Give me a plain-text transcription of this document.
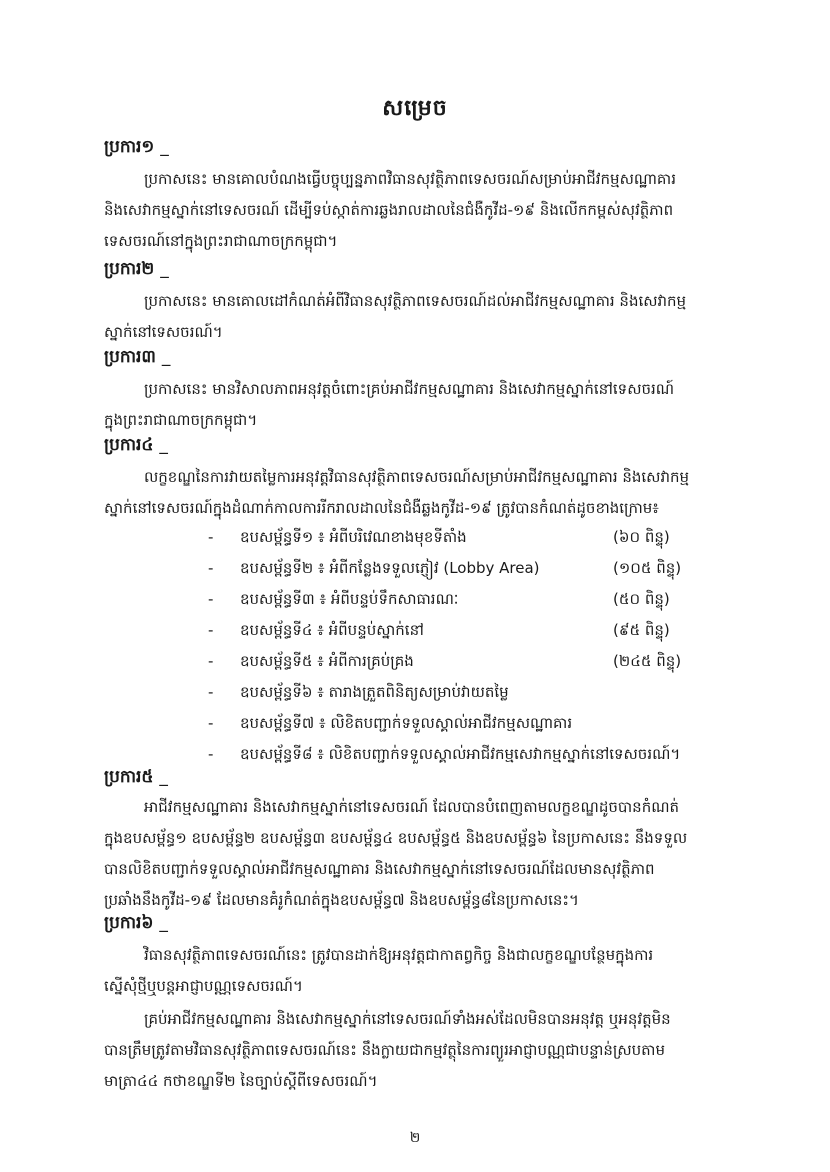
សម្រេច
ប្រការ១ _
ប្រកាសនេះ មានគោលបំណងធ្វើបច្ចុប្បន្នភាពវិធានសុវត្ថិភាពទេសចរណ៍សម្រាប់អាជីវកម្មសណ្ឋាគារ
និងសេវាកម្មស្នាក់នៅទេសចរណ៍ ដើម្បីទប់ស្កាត់ការឆ្លងរាលដាលនៃជំងឺកូវីដ-១៩ និងលើកកម្ពស់សុវត្ថិភាព
ទេសចរណ៍នៅក្នុងព្រះរាជាណាចក្រកម្ពុជា។
ប្រការ២ _
ប្រកាសនេះ មានគោលដៅកំណត់អំពីវិធានសុវត្ថិភាពទេសចរណ៍ដល់អាជីវកម្មសណ្ឋាគារ និងសេវាកម្ម
ស្នាក់នៅទេសចរណ៍។
ប្រការ៣ _
ប្រកាសនេះ មានវិសាលភាពអនុវត្តចំពោះគ្រប់អាជីវកម្មសណ្ឋាគារ និងសេវាកម្មស្នាក់នៅទេសចរណ៍
ក្នុងព្រះរាជាណាចក្រកម្ពុជា។
ប្រការ៤ _
លក្ខខណ្ឌនៃការវាយតម្លៃការអនុវត្តវិធានសុវត្ថិភាពទេសចរណ៍សម្រាប់អាជីវកម្មសណ្ឋាគារ និងសេវាកម្ម
ស្នាក់នៅទេសចរណ៍ក្នុងដំណាក់កាលការរីករាលដាលនៃជំងឺឆ្លងកូវីដ-១៩ ត្រូវបានកំណត់ដូចខាងក្រោម៖
- ឧបសម្ព័ន្ធទី១ ៖ អំពីបរិវេណខាងមុខទីតាំង	(៦០ ពិន្ទុ)
- ឧបសម្ព័ន្ធទី២ ៖ អំពីកន្លែងទទួលភ្ញៀវ (Lobby Area)	(១០៥ ពិន្ទុ)
- ឧបសម្ព័ន្ធទី៣ ៖ អំពីបន្ទប់ទឹកសាធារណៈ	(៥០ ពិន្ទុ)
- ឧបសម្ព័ន្ធទី៤ ៖ អំពីបន្ទប់ស្នាក់នៅ	(៩៥ ពិន្ទុ)
- ឧបសម្ព័ន្ធទី៥ ៖ អំពីការគ្រប់គ្រង	(២៤៥ ពិន្ទុ)
- ឧបសម្ព័ន្ធទី៦ ៖ តារាងត្រួតពិនិត្យសម្រាប់វាយតម្លៃ
- ឧបសម្ព័ន្ធទី៧ ៖ លិខិតបញ្ជាក់ទទួលស្គាល់អាជីវកម្មសណ្ឋាគារ
- ឧបសម្ព័ន្ធទី៨ ៖ លិខិតបញ្ជាក់ទទួលស្គាល់អាជីវកម្មសេវាកម្មស្នាក់នៅទេសចរណ៍។
ប្រការ៥ _
អាជីវកម្មសណ្ឋាគារ និងសេវាកម្មស្នាក់នៅទេសចរណ៍ ដែលបានបំពេញតាមលក្ខខណ្ឌដូចបានកំណត់
ក្នុងឧបសម្ព័ន្ធ១ ឧបសម្ព័ន្ធ២ ឧបសម្ព័ន្ធ៣ ឧបសម្ព័ន្ធ៤ ឧបសម្ព័ន្ធ៥ និងឧបសម្ព័ន្ធ៦ នៃប្រកាសនេះ នឹងទទួល
បានលិខិតបញ្ជាក់ទទួលស្គាល់អាជីវកម្មសណ្ឋាគារ និងសេវាកម្មស្នាក់នៅទេសចរណ៍ដែលមានសុវត្ថិភាព
ប្រឆាំងនឹងកូវីដ-១៩ ដែលមានគំរូកំណត់ក្នុងឧបសម្ព័ន្ធ៧ និងឧបសម្ព័ន្ធ៨នៃប្រកាសនេះ។
ប្រការ៦ _
វិធានសុវត្ថិភាពទេសចរណ៍នេះ ត្រូវបានដាក់ឱ្យអនុវត្តជាកាតព្វកិច្ច និងជាលក្ខខណ្ឌបន្ថែមក្នុងការ
ស្នើសុំថ្មីឬបន្តអាជ្ញាបណ្ណទេសចរណ៍។
គ្រប់អាជីវកម្មសណ្ឋាគារ និងសេវាកម្មស្នាក់នៅទេសចរណ៍ទាំងអស់ដែលមិនបានអនុវត្ត ឬអនុវត្តមិន
បានត្រឹមត្រូវតាមវិធានសុវត្ថិភាពទេសចរណ៍នេះ នឹងក្លាយជាកម្មវត្ថុនៃការព្យួរអាជ្ញាបណ្ណជាបន្ទាន់ស្របតាម
មាត្រា៤៤ កថាខណ្ឌទី២ នៃច្បាប់ស្តីពីទេសចរណ៍។
២
